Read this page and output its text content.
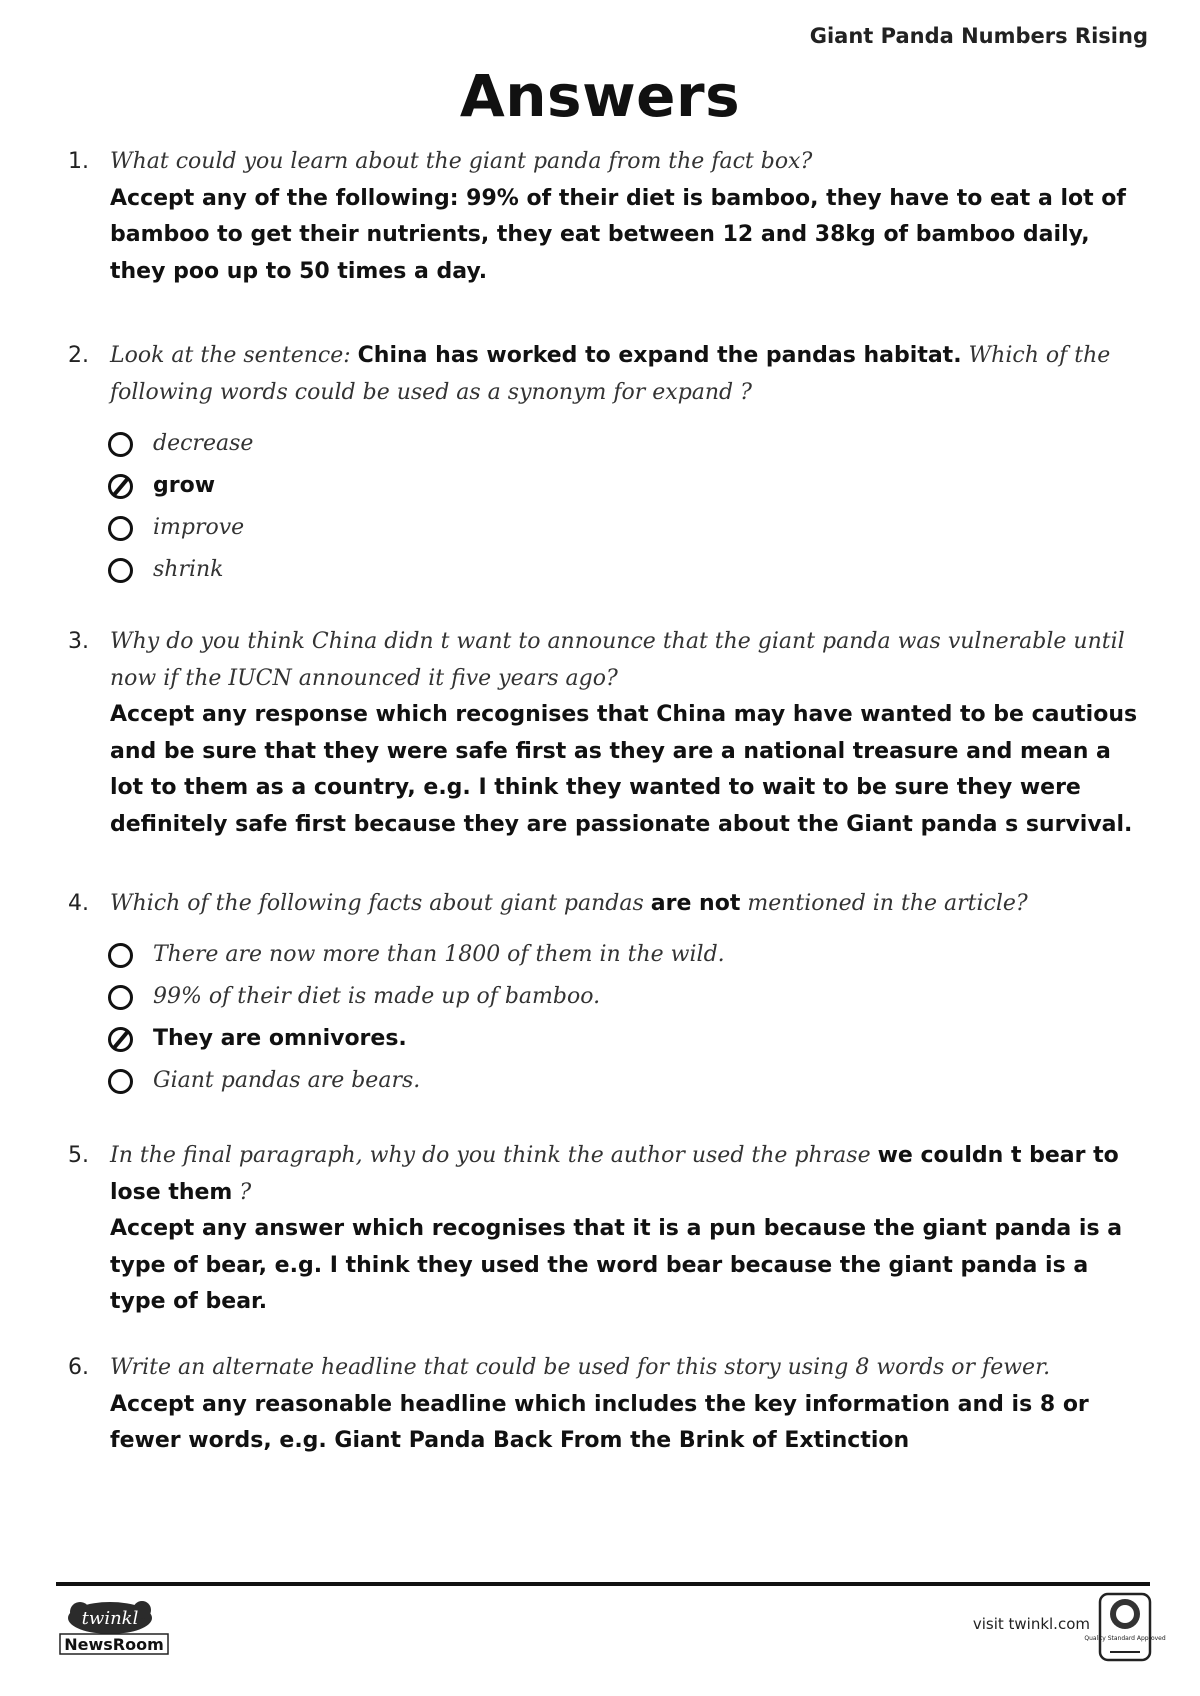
Giant Panda Numbers Rising
Answers
1. What could you learn about the giant panda from the fact box?
Accept any of the following: 99% of their diet is bamboo, they have to eat a lot of bamboo to get their nutrients, they eat between 12 and 38kg of bamboo daily, they poo up to 50 times a day.
2. Look at the sentence: China has worked to expand the pandas habitat. Which of the following words could be used as a synonym for expand ?
decrease
grow
improve
shrink
3. Why do you think China didn t want to announce that the giant panda was vulnerable until now if the IUCN announced it five years ago?
Accept any response which recognises that China may have wanted to be cautious and be sure that they were safe first as they are a national treasure and mean a lot to them as a country, e.g. I think they wanted to wait to be sure they were definitely safe first because they are passionate about the Giant panda s survival.
4. Which of the following facts about giant pandas are not mentioned in the article?
There are now more than 1800 of them in the wild.
99% of their diet is made up of bamboo.
They are omnivores.
Giant pandas are bears.
5. In the final paragraph, why do you think the author used the phrase we couldn t bear to lose them ?
Accept any answer which recognises that it is a pun because the giant panda is a type of bear, e.g. I think they used the word bear because the giant panda is a type of bear.
6. Write an alternate headline that could be used for this story using 8 words or fewer.
Accept any reasonable headline which includes the key information and is 8 or fewer words, e.g. Giant Panda Back From the Brink of Extinction
twinkl
NewsRoom
visit twinkl.com
Quality Standard Approved
